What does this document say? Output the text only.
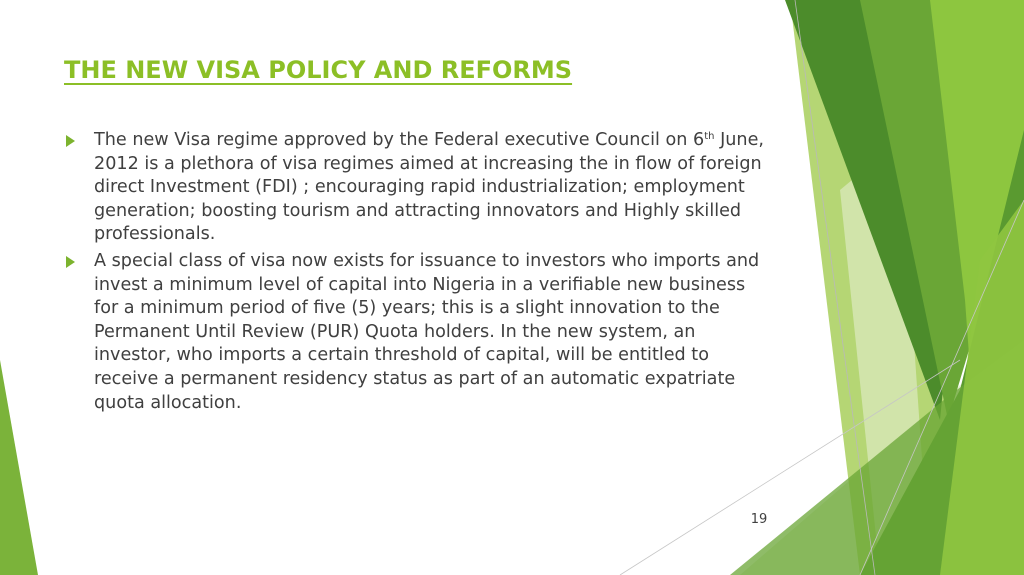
THE NEW VISA POLICY AND REFORMS
The new Visa regime approved by the Federal executive Council on 6th June, 2012 is a plethora of visa regimes aimed at increasing the in flow of foreign direct Investment (FDI) ; encouraging rapid industrialization; employment generation; boosting tourism and attracting innovators and Highly skilled professionals.
A special class of visa now exists for issuance to investors who imports and invest a minimum level of capital into Nigeria in a verifiable new business for a minimum period of five (5) years; this is a slight innovation to the Permanent Until Review (PUR) Quota holders. In the new system, an investor, who imports a certain threshold of capital, will be entitled to receive a permanent residency status as part of an automatic expatriate quota allocation.
19
